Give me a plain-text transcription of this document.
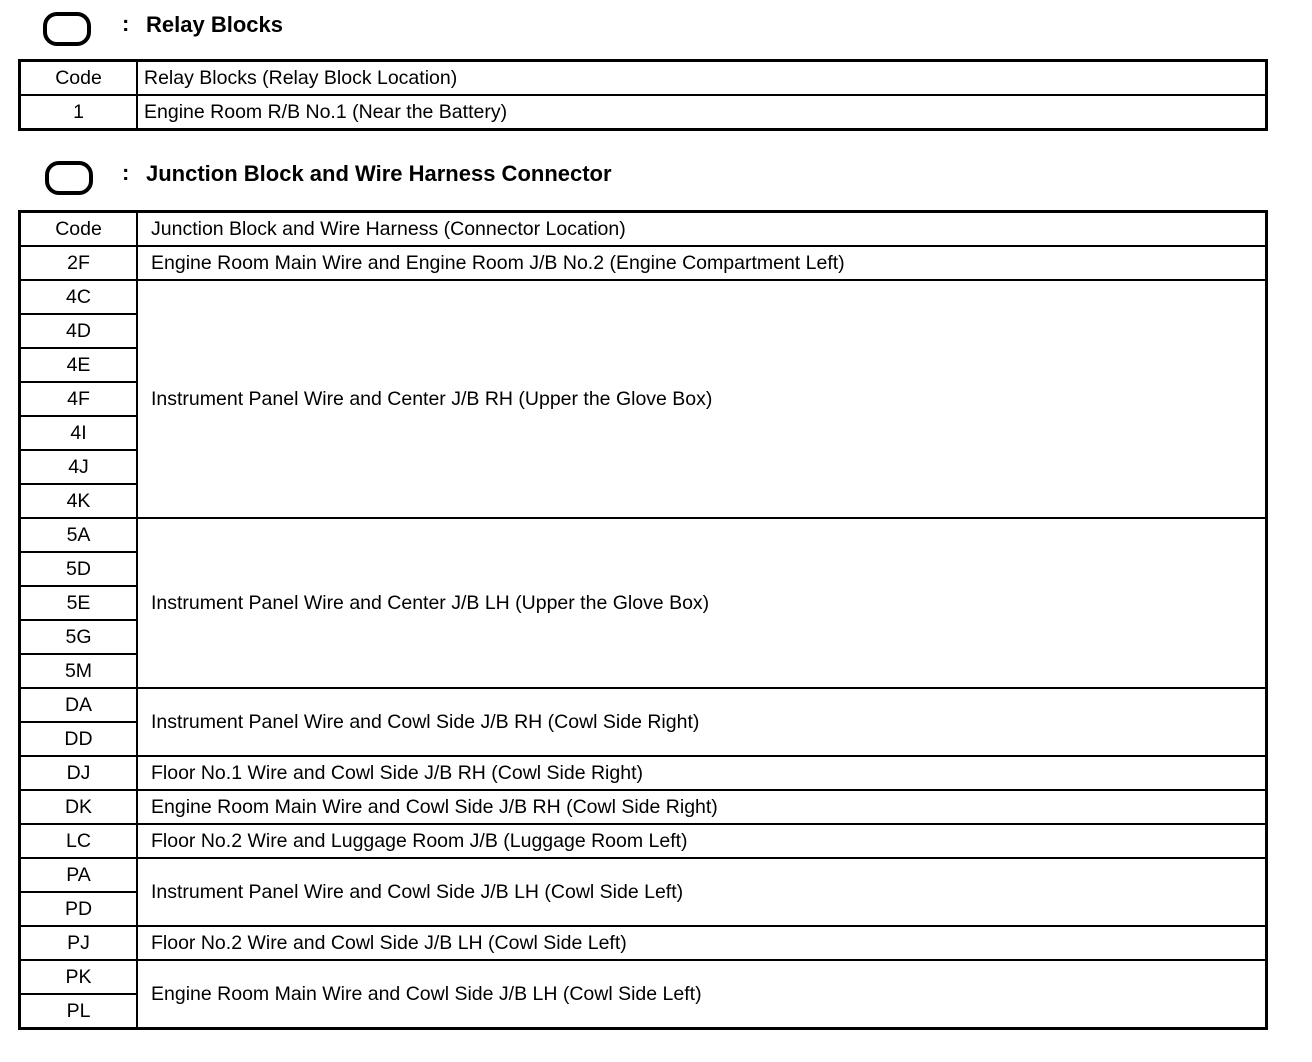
: Relay Blocks
Code	Relay Blocks (Relay Block Location)
1	Engine Room R/B No.1 (Near the Battery)
: Junction Block and Wire Harness Connector
Code	Junction Block and Wire Harness (Connector Location)
2F	Engine Room Main Wire and Engine Room J/B No.2 (Engine Compartment Left)
4C	Instrument Panel Wire and Center J/B RH (Upper the Glove Box)
4D	
4E	
4F	
4I	
4J	
4K	
5A	Instrument Panel Wire and Center J/B LH (Upper the Glove Box)
5D	
5E	
5G	
5M	
DA	Instrument Panel Wire and Cowl Side J/B RH (Cowl Side Right)
DD	
DJ	Floor No.1 Wire and Cowl Side J/B RH (Cowl Side Right)
DK	Engine Room Main Wire and Cowl Side J/B RH (Cowl Side Right)
LC	Floor No.2 Wire and Luggage Room J/B (Luggage Room Left)
PA	Instrument Panel Wire and Cowl Side J/B LH (Cowl Side Left)
PD	
PJ	Floor No.2 Wire and Cowl Side J/B LH (Cowl Side Left)
PK	Engine Room Main Wire and Cowl Side J/B LH (Cowl Side Left)
PL	
